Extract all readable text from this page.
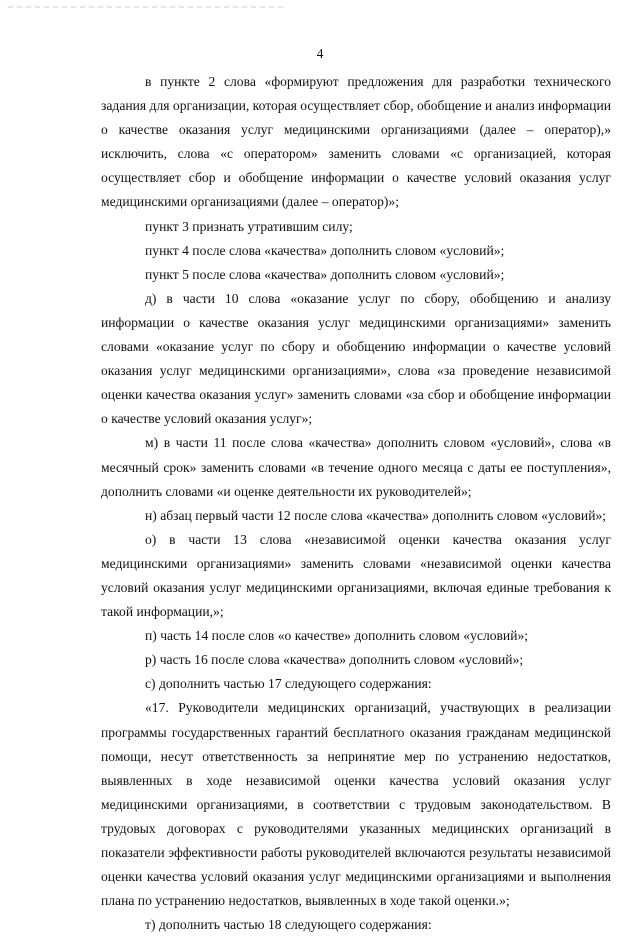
4

в пункте 2 слова «формируют предложения для разработки технического задания для организации, которая осуществляет сбор, обобщение и анализ информации о качестве оказания услуг медицинскими организациями (далее – оператор),» исключить, слова «с оператором» заменить словами «с организацией, которая осуществляет сбор и обобщение информации о качестве условий оказания услуг медицинскими организациями (далее – оператор)»;

пункт 3 признать утратившим силу;

пункт 4 после слова «качества» дополнить словом «условий»;

пункт 5 после слова «качества» дополнить словом «условий»;

д) в части 10 слова «оказание услуг по сбору, обобщению и анализу информации о качестве оказания услуг медицинскими организациями» заменить словами «оказание услуг по сбору и обобщению информации о качестве условий оказания услуг медицинскими организациями», слова «за проведение независимой оценки качества оказания услуг» заменить словами «за сбор и обобщение информации о качестве условий оказания услуг»;

м) в части 11 после слова «качества» дополнить словом «условий», слова «в месячный срок» заменить словами «в течение одного месяца с даты ее поступления», дополнить словами «и оценке деятельности их руководителей»;

н) абзац первый части 12 после слова «качества» дополнить словом «условий»;

о) в части 13 слова «независимой оценки качества оказания услуг медицинскими организациями» заменить словами «независимой оценки качества условий оказания услуг медицинскими организациями, включая единые требования к такой информации,»;

п) часть 14 после слов «о качестве» дополнить словом «условий»;

р) часть 16 после слова «качества» дополнить словом «условий»;

с) дополнить частью 17 следующего содержания:

«17. Руководители медицинских организаций, участвующих в реализации программы государственных гарантий бесплатного оказания гражданам медицинской помощи, несут ответственность за непринятие мер по устранению недостатков, выявленных в ходе независимой оценки качества условий оказания услуг медицинскими организациями, в соответствии с трудовым законодательством. В трудовых договорах с руководителями указанных медицинских организаций в показатели эффективности работы руководителей включаются результаты независимой оценки качества условий оказания услуг медицинскими организациями и выполнения плана по устранению недостатков, выявленных в ходе такой оценки.»;

т) дополнить частью 18 следующего содержания:
